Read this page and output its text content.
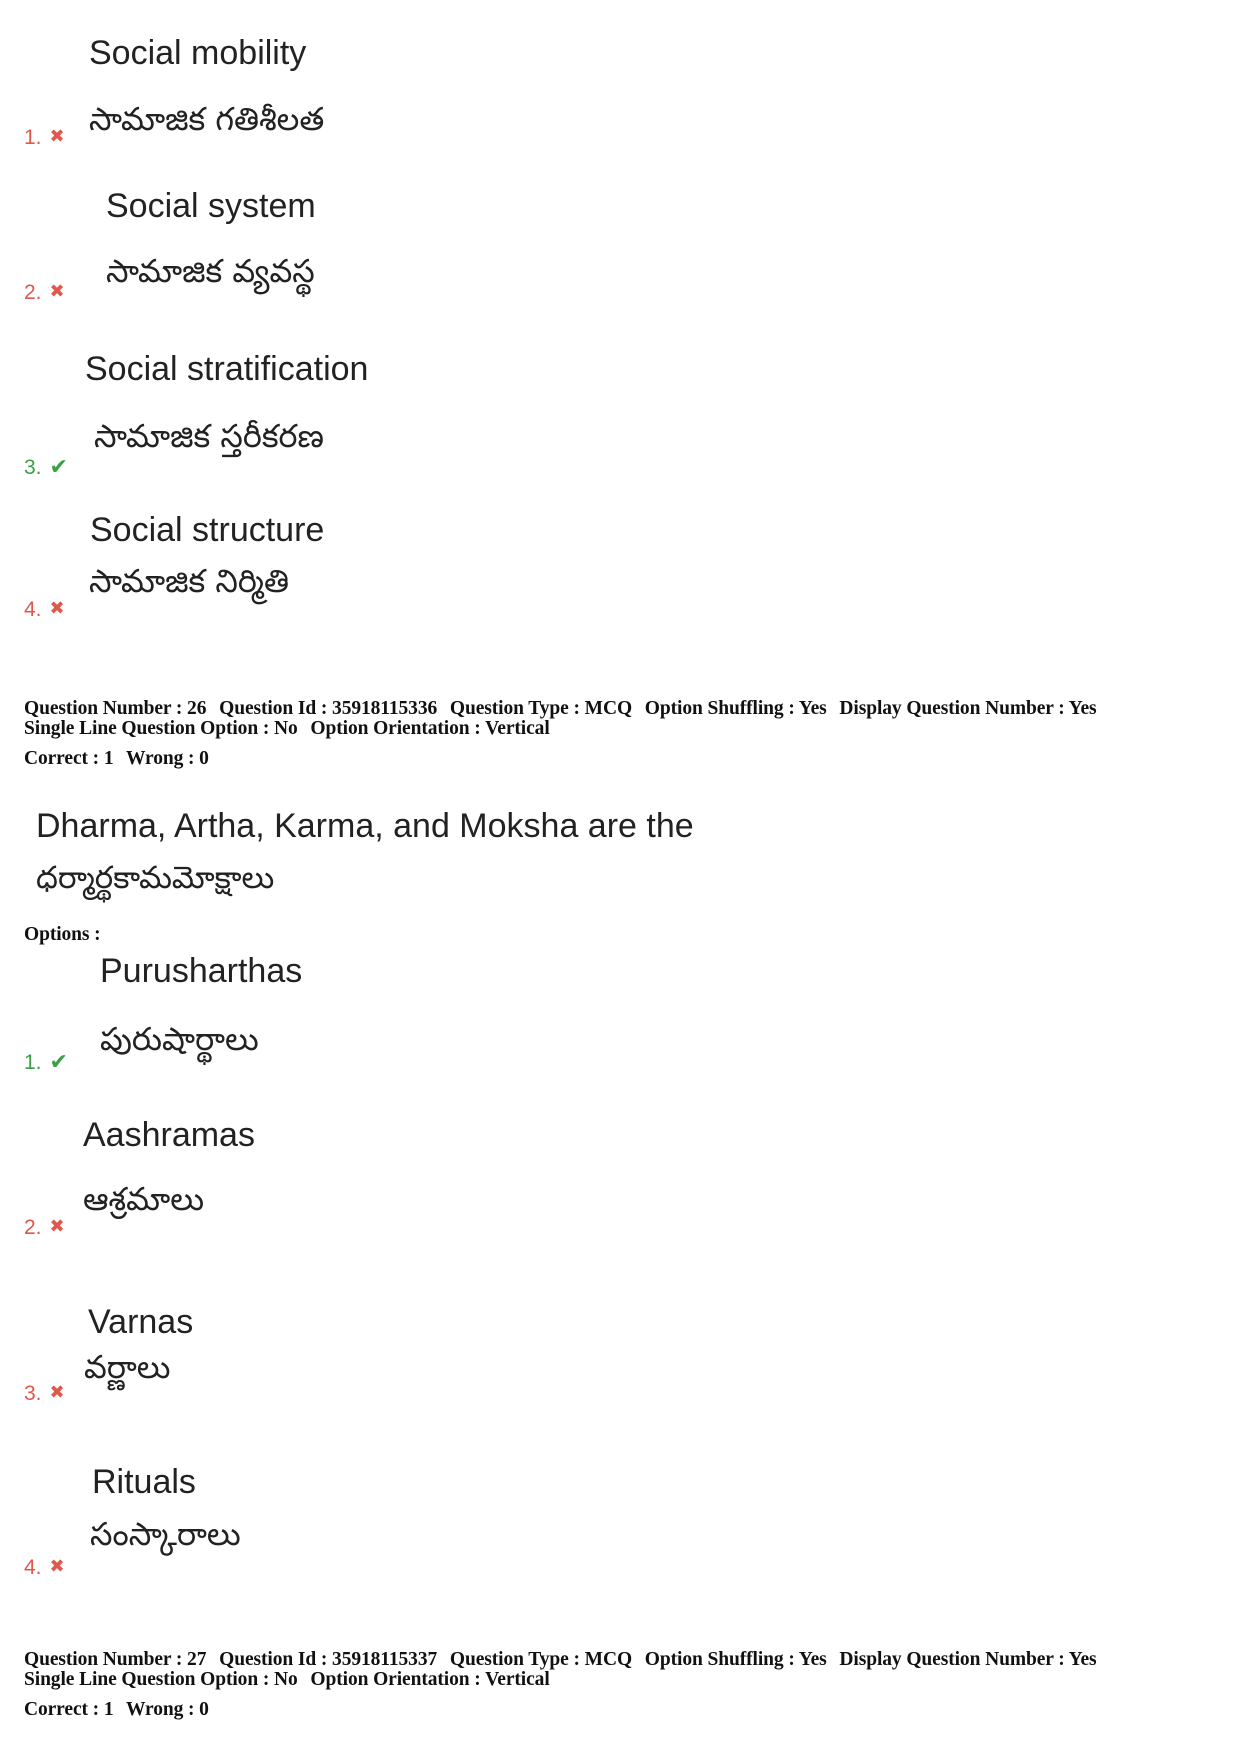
Social mobility
సామాజిక గతిశీలత
1. ✖
Social system
సామాజిక వ్యవస్థ
2. ✖
Social stratification
సామాజిక స్తరీకరణ
3. ✔
Social structure
సామాజిక నిర్మితి
4. ✖
Question Number : 26 Question Id : 35918115336 Question Type : MCQ Option Shuffling : Yes Display Question Number : Yes
Single Line Question Option : No Option Orientation : Vertical
Correct : 1 Wrong : 0
Dharma, Artha, Karma, and Moksha are the
ధర్మార్థకామమోక్షాలు
Options :
Purusharthas
పురుషార్థాలు
1. ✔
Aashramas
ఆశ్రమాలు
2. ✖
Varnas
వర్ణాలు
3. ✖
Rituals
సంస్కారాలు
4. ✖
Question Number : 27 Question Id : 35918115337 Question Type : MCQ Option Shuffling : Yes Display Question Number : Yes
Single Line Question Option : No Option Orientation : Vertical
Correct : 1 Wrong : 0
